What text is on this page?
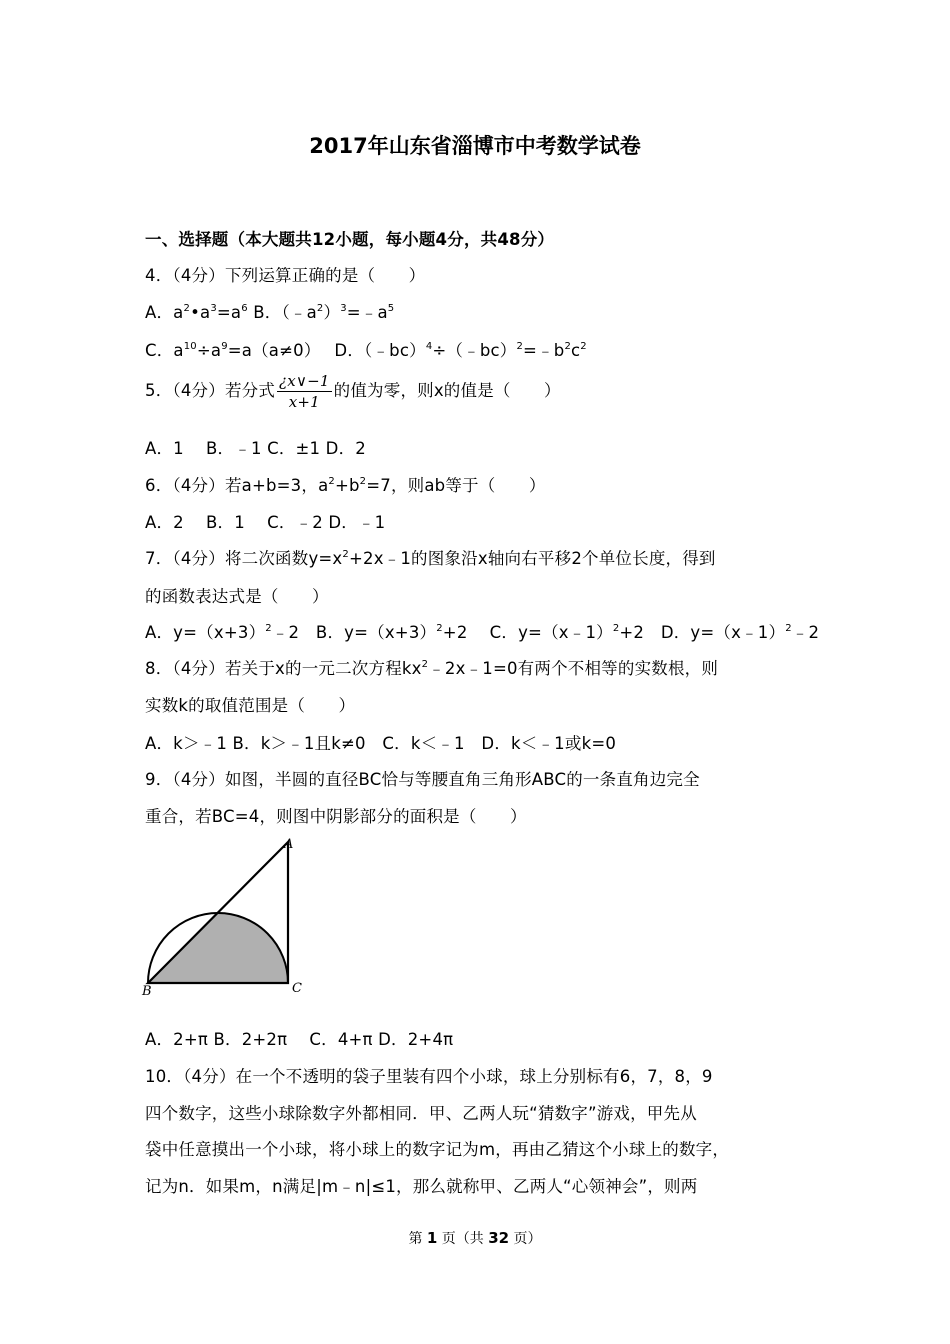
2017年山东省淄博市中考数学试卷
一、选择题（本大题共12小题，每小题4分，共48分）
4．（4分）下列运算正确的是（　　）
A．$a^2•a^3=a^6$ B．$(﹣a^2)^3=﹣a^5$
C．$a^{10}\div a^9=a(a\ne 0)$　 D．$(﹣bc)^4\div(﹣bc)^2=﹣b^2c^2$
5．（4分）若分式 $\frac{¿x\vee-1}{x+1}$ 的值为零，则x的值是（　　）
A．1　 B．﹣1 C．±1 D．2
6．（4分）若a+b=3，$a^2+b^2=7$，则ab等于（　　）
A．2　 B．1　 C．﹣2 D．﹣1
7．（4分）将二次函数$y=x^2+2x﹣1$的图象沿x轴向右平移2个单位长度，得到
的函数表达式是（　　）
A．$y=(x+3)^2﹣2$　B．$y=(x+3)^2+2$　 C．y=（x﹣1）$^2$+2　D．y=（x﹣1）$^2$﹣2
8．（4分）若关于x的一元二次方程$kx^2﹣2x﹣1=0$有两个不相等的实数根，则
实数k的取值范围是（　　）
A．k＞﹣1 B．k＞﹣1且k≠0　C．k＜﹣1　D．k＜﹣1或k=0
9．（4分）如图，半圆的直径BC恰与等腰直角三角形ABC的一条直角边完全
重合，若BC=4，则图中阴影部分的面积是（　　）
A
B	C
A．2+π B．2+2π　 C．4+π D．2+4π
10．（4分）在一个不透明的袋子里装有四个小球，球上分别标有6，7，8，9
四个数字，这些小球除数字外都相同．甲、乙两人玩“猜数字”游戏，甲先从
袋中任意摸出一个小球，将小球上的数字记为m，再由乙猜这个小球上的数字，
记为n．如果m，n满足|m﹣n|≤1，那么就称甲、乙两人“心领神会”，则两
第 1 页（共 32 页）
